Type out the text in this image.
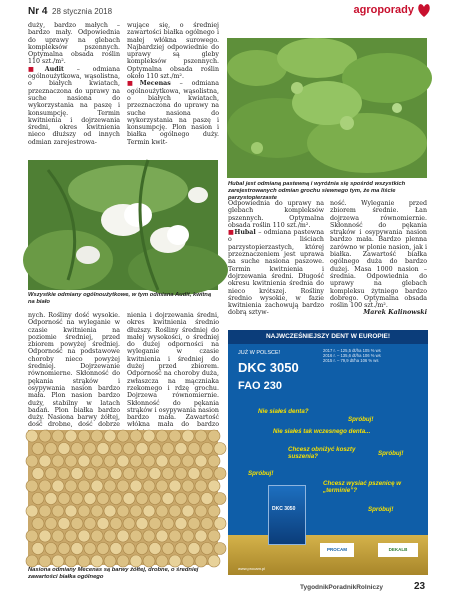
Nr 4 28 stycznia 2018	agroporady

dużу, bardzo małych – bardzo mały. Odpowiednia do uprawy na glebach kompleksów pszennych. Optymalna obsada roślin 110 szt./m².

■Audit – odmiana ogólnoużytkowa, wąsolistna, o białych kwiatach, przeznaczona do uprawy na suche nasiona do wykorzystania na paszę i konsumpcję. Termin kwitnienia i dojrzewania średni, okres kwitnienia nieco dłuższy od innych odmian zarejestrowa-

wujące się, o średniej zawartości białka ogólnego i małej włókna surowego. Najbardziej odpowiednie do uprawy są gleby kompleksów pszennych. Optymalna obsada roślin około 110 szt./m².

■Mecenas – odmiana ogólnoużytkowa, wąsolistna, o białych kwiatach, przeznaczona do uprawy na suche nasiona do wykorzystania na paszę i konsumpcję. Plon nasion i białka ogólnego duży. Termin kwit-

Hubal jest odmianą pastewną i wyróżnia się spośród wszystkich zarejestrowanych odmian grochu siewnego tym, że ma liście parzystopierzaste
Wszystkie odmiany ogólnoużytkowe, w tym odmiana Audit, kwitną na biało

nych. Rośliny dość wysokie. Odporność na wyleganie w czasie kwitnienia na poziomie średniej, przed zbiorem powyżej średniej. Odporność na podstawowe choroby nieco powyżej średniej. Dojrzewanie równomierne. Skłonność do pękania strąków i osypywania nasion bardzo mała. Plon nasion bardzo duży, stabilny w latach badań. Plon białka bardzo duży. Nasiona barwy żółtej, dość drobne, dość dobrze

nienia i dojrzewania średni, okres kwitnienia średnio dłuższy. Rośliny średniej do małej wysokości, o średniej do dużej odporności na wyleganie w czasie kwitnienia i średniej do dużej przed zbiorem. Odporność na choroby duża, zwłaszcza na mączniaka rzekomego i rdzę grochu. Dojrzewa równomiernie. Skłonność do pękania strąków i osypywania nasion bardzo mała. Zawartość włókna mała do bardzo

Odpowiednia do uprawy na glebach kompleksów pszennych. Optymalna obsada roślin 110 szt./m².

■Hubal – odmiana pastewna o liściach parzystopierzastych, której przeznaczeniem jest uprawa na suche nasiona paszowe. Termin kwitnienia i dojrzewania średni. Długość okresu kwitnienia średnia do nieco krótszej. Rośliny średnio wysokie, w fazie kwitnienia zachowują bardzo dobrą sztyw-

ność. Wyleganie przed zbiorem średnie. Łan dojrzewa równomiernie. Skłonność do pękania strąków i osypywania nasion bardzo mała. Bardzo plenna zarówno w plonie nasion, jak i białka. Zawartość białka ogólnego duża do bardzo dużej. Masa 1000 nasion – średnia. Odpowiednia do uprawy na glebach kompleksu żytniego bardzo dobrego. Optymalna obsada roślin 100 szt./m².

Marek Kalinowski
Nasiona odmiany Mecenas są barwy żółtej, drobne, o średniej zawartości białka ogólnego
NAJWCZEŚNIEJSZY DENT W EUROPIE!
JUŻ W POLSCE!
DKC 3050
FAO 230
2017 r. – 125,5 dt/ha 105 % ws
2016 r. – 135,6 dt/ha 106 % ws
2015 r. – 79,9 dt/ha 106 % ws
Nie siałeś denta?
Spróbuj!
Nie siałeś tak wczesnego denta...
Chcesz obniżyć koszty suszenia?	Spróbuj!
Spróbuj!
Chcesz wysiać pszenicę w „terminie”?
Spróbuj!
DKC 3050
PROCAM	DEKALB
www.procam.pl
TygodnikPoradnikRolniczy	23
